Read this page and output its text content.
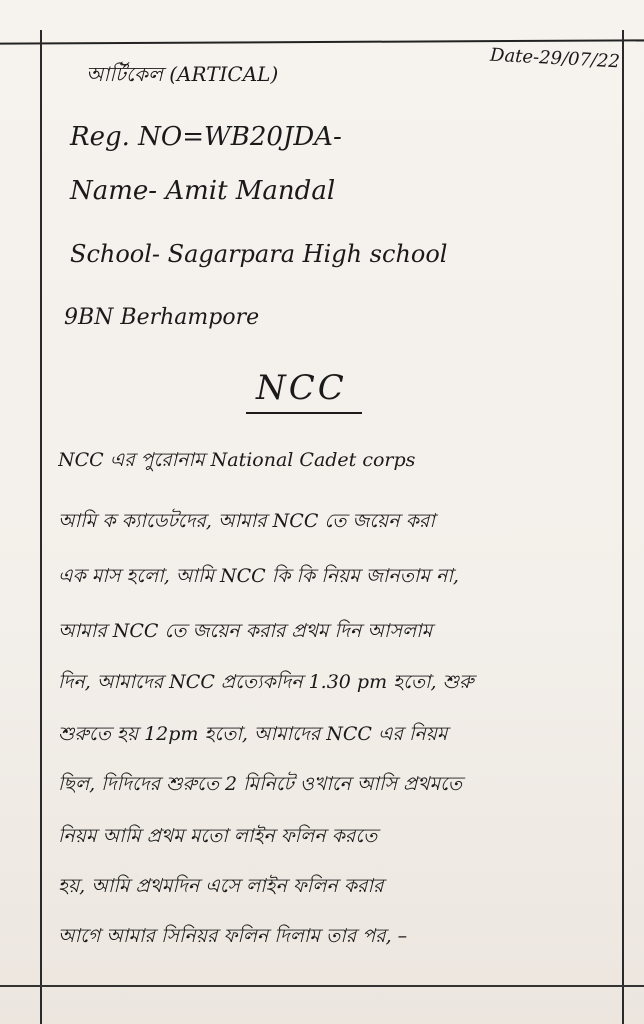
Date-29/07/22
আর্টিকেল (ARTICAL)
Reg. NO=WB20JDA-
Name- Amit Mandal
School- Sagarpara High school
9BN Berhampore
NCC
NCC এর পুরোনাম National Cadet corps
আমি ক ক্যাডেটদের, আমার NCC তে জয়েন করা
এক মাস হলো, আমি NCC কি কি নিয়ম জানতাম না,
আমার NCC তে জয়েন করার প্রথম দিন আসলাম
দিন, আমাদের NCC প্রত্যেকদিন 1.30 pm হতো, শুরু
শুরুতে হয় 12pm হতো, আমাদের NCC এর নিয়ম
ছিল, দিদিদের শুরুতে 2 মিনিটে ওখানে আসি প্রথমতে
নিয়ম আমি প্রথম মতো লাইন ফলিন করতে
হয়, আমি প্রথমদিন এসে লাইন ফলিন করার
আগে আমার সিনিয়র ফলিন দিলাম তার পর, –
